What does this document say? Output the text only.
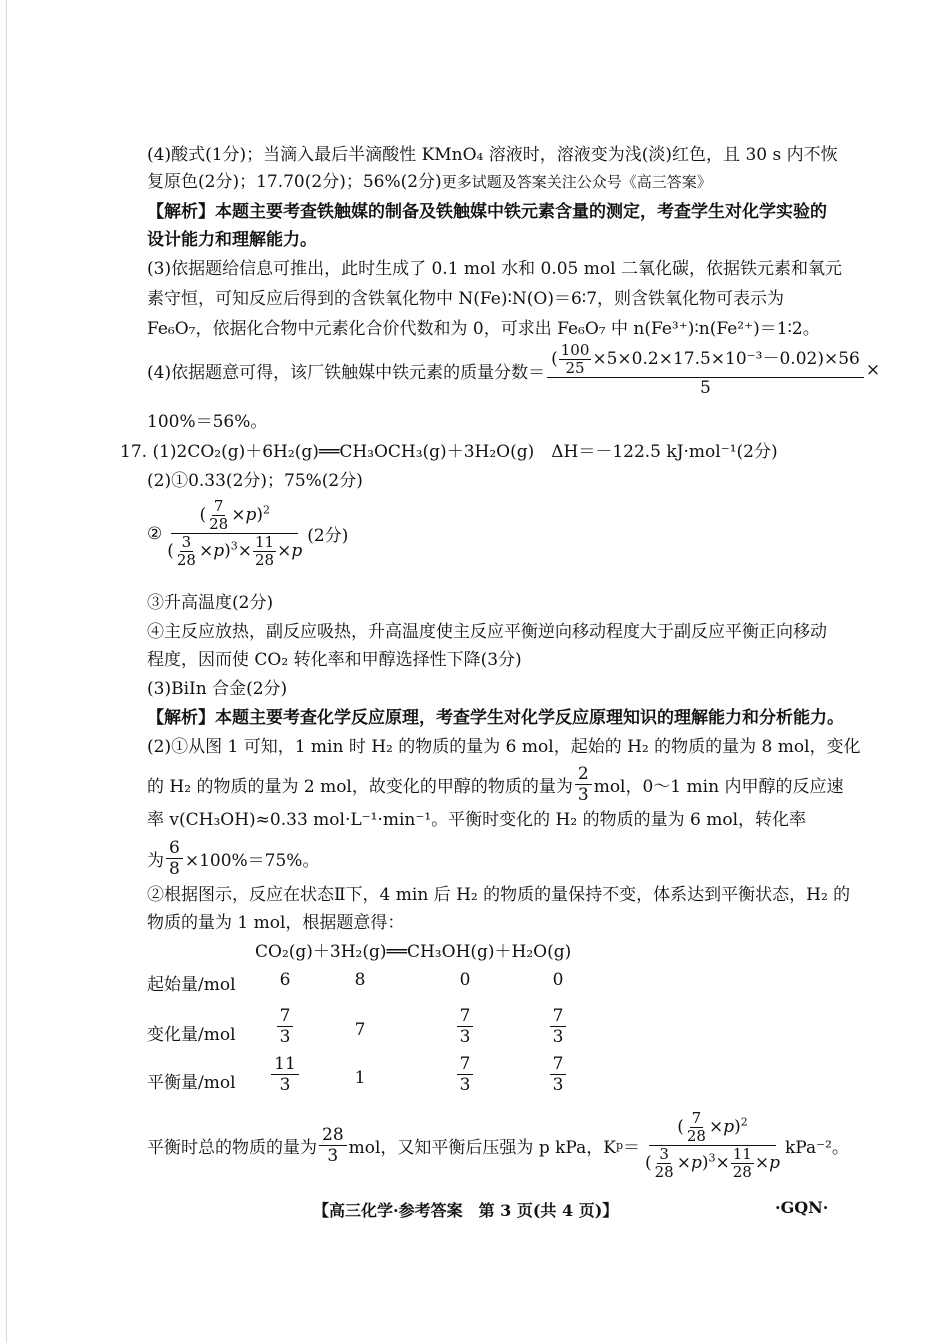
(4)酸式(1分)；当滴入最后半滴酸性 KMnO₄ 溶液时，溶液变为浅(淡)红色，且 30 s 内不恢
复原色(2分)；17.70(2分)；56%(2分)更多试题及答案关注公众号《高三答案》
【解析】本题主要考查铁触媒的制备及铁触媒中铁元素含量的测定，考查学生对化学实验的
设计能力和理解能力。
(3)依据题给信息可推出，此时生成了 0.1 mol 水和 0.05 mol 二氧化碳，依据铁元素和氧元
素守恒，可知反应后得到的含铁氧化物中 N(Fe)∶N(O)＝6∶7，则含铁氧化物可表示为
Fe₆O₇，依据化合物中元素化合价代数和为 0，可求出 Fe₆O₇ 中 n(Fe³⁺)∶n(Fe²⁺)＝1∶2。
(4)依据题意可得，该厂铁触媒中铁元素的质量分数＝ $\frac{( \frac{100}{25} \times 5\times 0.2\times 17.5\times 10^{-3}-0.02)\times 56}{5}$ ×
100%＝56%。
17. (1)2CO₂(g)＋6H₂(g)══CH₃OCH₃(g)＋3H₂O(g)　ΔH＝－122.5 kJ·mol⁻¹(2分)
(2)①0.33(2分)；75%(2分)
② $\frac{( \frac{7}{28} \times p)^2}{( \frac{3}{28} \times p)^3\times \frac{11}{28} \times p} (2$分)
③升高温度(2分)
④主反应放热，副反应吸热，升高温度使主反应平衡逆向移动程度大于副反应平衡正向移动
程度，因而使 CO₂ 转化率和甲醇选择性下降(3分)
(3)BiIn 合金(2分)
【解析】本题主要考查化学反应原理，考查学生对化学反应原理知识的理解能力和分析能力。
(2)①从图 1 可知，1 min 时 H₂ 的物质的量为 6 mol，起始的 H₂ 的物质的量为 8 mol，变化
的 H₂ 的物质的量为 2 mol，故变化的甲醇的物质的量为 $\frac{2}{3}$ mol，0～1 min 内甲醇的反应速
率 v(CH₃OH)≈0.33 mol·L⁻¹·min⁻¹。平衡时变化的 H₂ 的物质的量为 6 mol，转化率
为 $\frac{6}{8} \times 100\%=75\%$。
②根据图示，反应在状态Ⅱ下，4 min 后 H₂ 的物质的量保持不变，体系达到平衡状态，H₂ 的
物质的量为 1 mol，根据题意得：
CO₂(g)＋3H₂(g)══CH₃OH(g)＋H₂O(g)
起始量/mol	6	8	0	0
变化量$/mol \frac{7}{3}$	7	$\frac{7}{3}$	$\frac{7}{3}$
平衡量$/mol \frac{11}{3}$	1	$\frac{7}{3}$	$\frac{7}{3}$
平衡时总的物质的量为 $\frac{28}{3}$ mol，又知平衡后压强为 p kPa，K $p = \frac{( \frac{7}{28} \times p)^2}{( \frac{3}{28} \times p)^3\times \frac{11}{28} \times p} kPa^{-2}$。
【高三化学·参考答案　第 3 页(共 4 页)】	·GQN·
